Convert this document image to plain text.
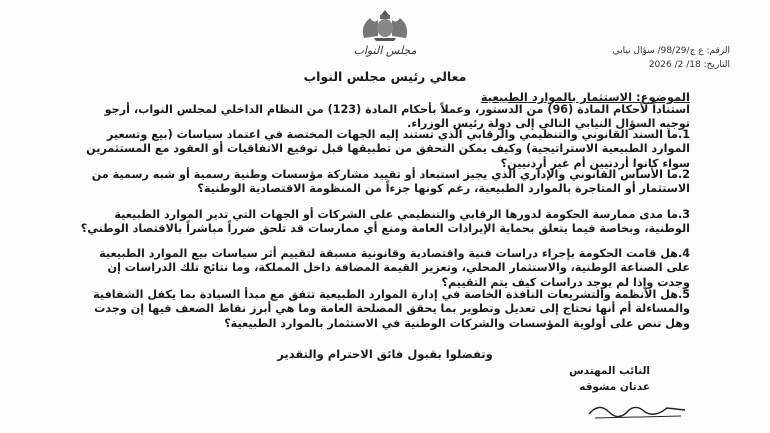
مجلس النواب	الرقم: ع ج/98/29/ سؤال نيابي
التاريخ: 18/ 2/ 2026
معالي رئيس مجلس النواب
الموضوع: الاستثمار بالموارد الطبيعية
استناداً لأحكام المادة (96) من الدستور، وعملاً بأحكام المادة (123) من النظام الداخلي لمجلس النواب، أرجو توجيه السؤال النيابي التالي إلى دولة رئيس الوزراء.
1.ما السند القانوني والتنظيمي والرقابي الذي تستند إليه الجهات المختصة في اعتماد سياسات (بيع وتسعير الموارد الطبيعية الاستراتيجية) وكيف يمكن التحقق من تطبيقها قبل توقيع الاتفاقيات أو العقود مع المستثمرين سواء كانوا أردنيين أم غير أردنيين؟
2.ما الأساس القانوني والإداري الذي يجيز استبعاد أو تقييد مشاركة مؤسسات وطنية رسمية أو شبه رسمية من الاستثمار أو المتاجرة بالموارد الطبيعية، رغم كونها جزءاً من المنظومة الاقتصادية الوطنية؟
3.ما مدى ممارسة الحكومة لدورها الرقابي والتنظيمي على الشركات أو الجهات التي تدير الموارد الطبيعية الوطنية، وبخاصة فيما يتعلق بحماية الإيرادات العامة ومنع أي ممارسات قد تلحق ضرراً مباشراً بالاقتصاد الوطني؟
4.هل قامت الحكومة بإجراء دراسات فنية واقتصادية وقانونية مسبقة لتقييم أثر سياسات بيع الموارد الطبيعية على الصناعة الوطنية، والاستثمار المحلي، وتعزيز القيمة المضافة داخل المملكة، وما نتائج تلك الدراسات إن وجدت وإذا لم يوجد دراسات كيف يتم التقييم؟
5.هل الأنظمة والتشريعات النافذة الخاصة في إدارة الموارد الطبيعية تتفق مع مبدأ السيادة بما يكفل الشفافية والمساءلة أم أنها تحتاج إلى تعديل وتطوير بما يحقق المصلحة العامة وما هي أبرز نقاط الضعف فيها إن وجدت وهل تنص على أولوية المؤسسات والشركات الوطنية في الاستثمار بالموارد الطبيعية؟
وتفضلوا بقبول فائق الاحترام والتقدير
النائب المهندس
عدنان مشوقه
